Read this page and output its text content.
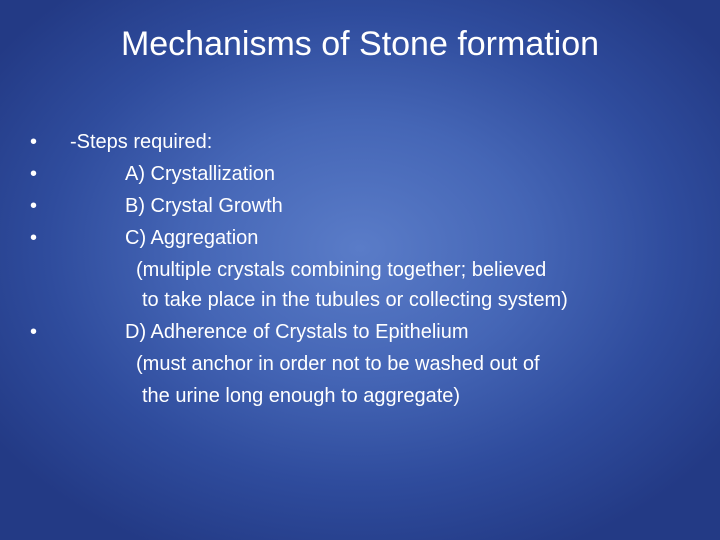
Mechanisms of Stone formation
•
•
•
•
•
-Steps required:
A) Crystallization
B) Crystal Growth
C) Aggregation
(multiple crystals combining together; believed
to take place in the tubules or collecting system)
D) Adherence of Crystals to Epithelium
(must anchor in order not to be washed out of
the urine long enough to aggregate)
